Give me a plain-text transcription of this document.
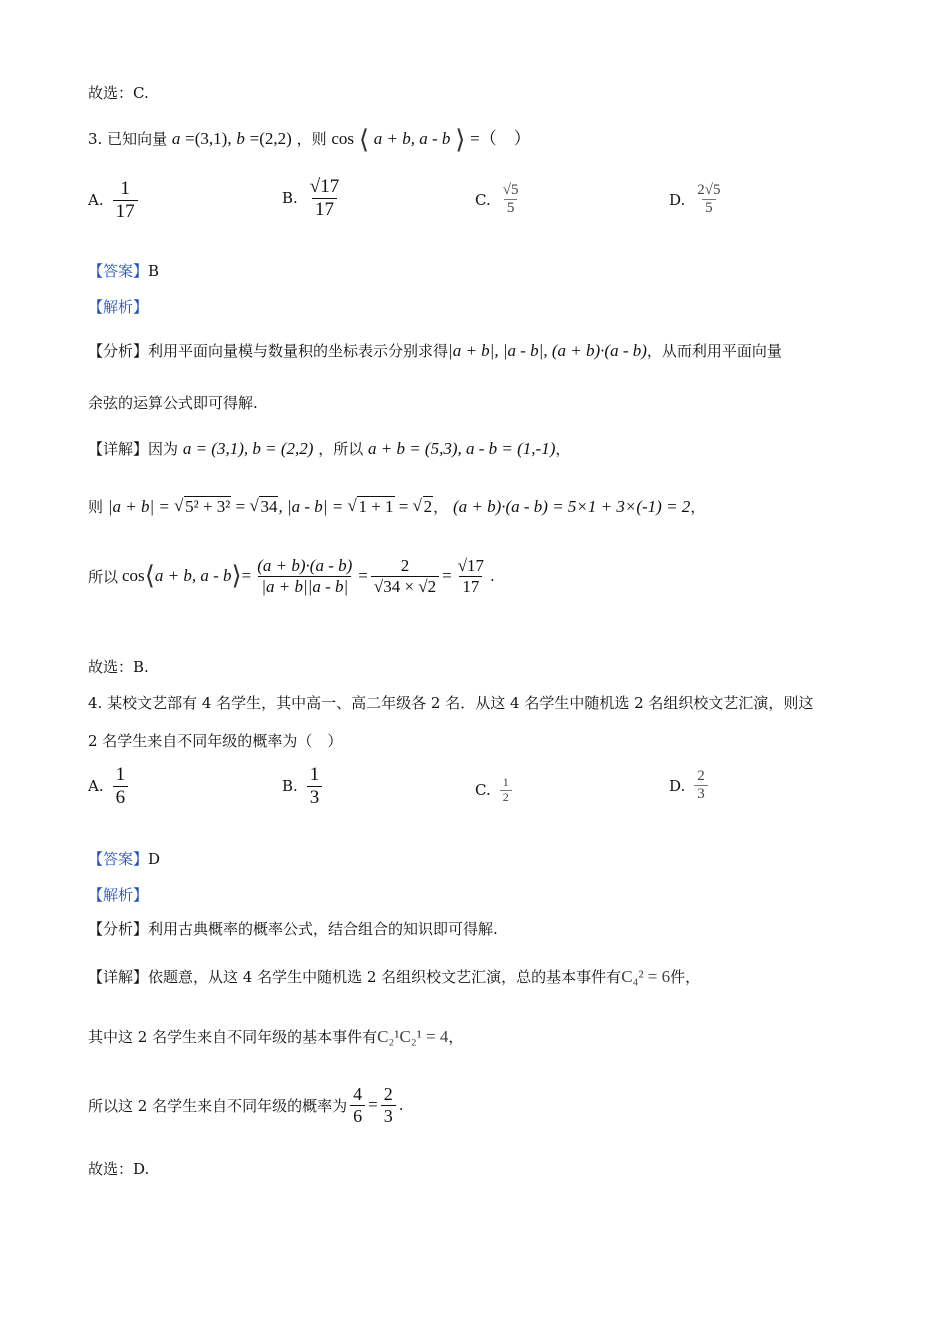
故选：C.
3. 已知向量 a =(3,1), b =(2,2) ，则 cos ⟨ a + b, a - b ⟩ =（　）
A. $\frac{1}{17}$	B. $\frac{√17}{17}$	C. $\frac{√5}{5}$	D. $\frac{2√5}{5}$
【答案】B
【解析】
【分析】利用平面向量模与数量积的坐标表示分别求得|a + b|, |a - b|, (a + b)·(a - b)，从而利用平面向量
余弦的运算公式即可得解.
【详解】因为 a = (3,1), b = (2,2) ，所以 a + b = (5,3), a - b = (1,-1)，
则 |a + b| = √ 5² + 3² = √ 34, |a - b| = √ 1 + 1 = √ 2， (a + b)·(a - b) = 5×1 + 3×(-1) = 2，
所以 cos ⟨ a + b, a - b ⟩ = $\frac{(a + b)\cdot(a - b)}{|a + b||a - b|} = \frac{2}{√34 \times √2} = \frac{√17}{17}$ .
故选：B.
4. 某校文艺部有 4 名学生，其中高一、高二年级各 2 名．从这 4 名学生中随机选 2 名组织校文艺汇演，则这
2 名学生来自不同年级的概率为（　）
A. $\frac{1}{6}$	B. $\frac{1}{3}$	C. $\frac{1}{2}$	D. $\frac{2}{3}$
【答案】D
【解析】
【分析】利用古典概率的概率公式，结合组合的知识即可得解.
【详解】依题意，从这 4 名学生中随机选 2 名组织校文艺汇演，总的基本事件有C₄² = 6件，
其中这 2 名学生来自不同年级的基本事件有C₂¹C₂¹ = 4，
所以这 2 名学生来自不同年级的概率为 $\frac{4}{6} = \frac{2}{3}$ .
故选：D.
